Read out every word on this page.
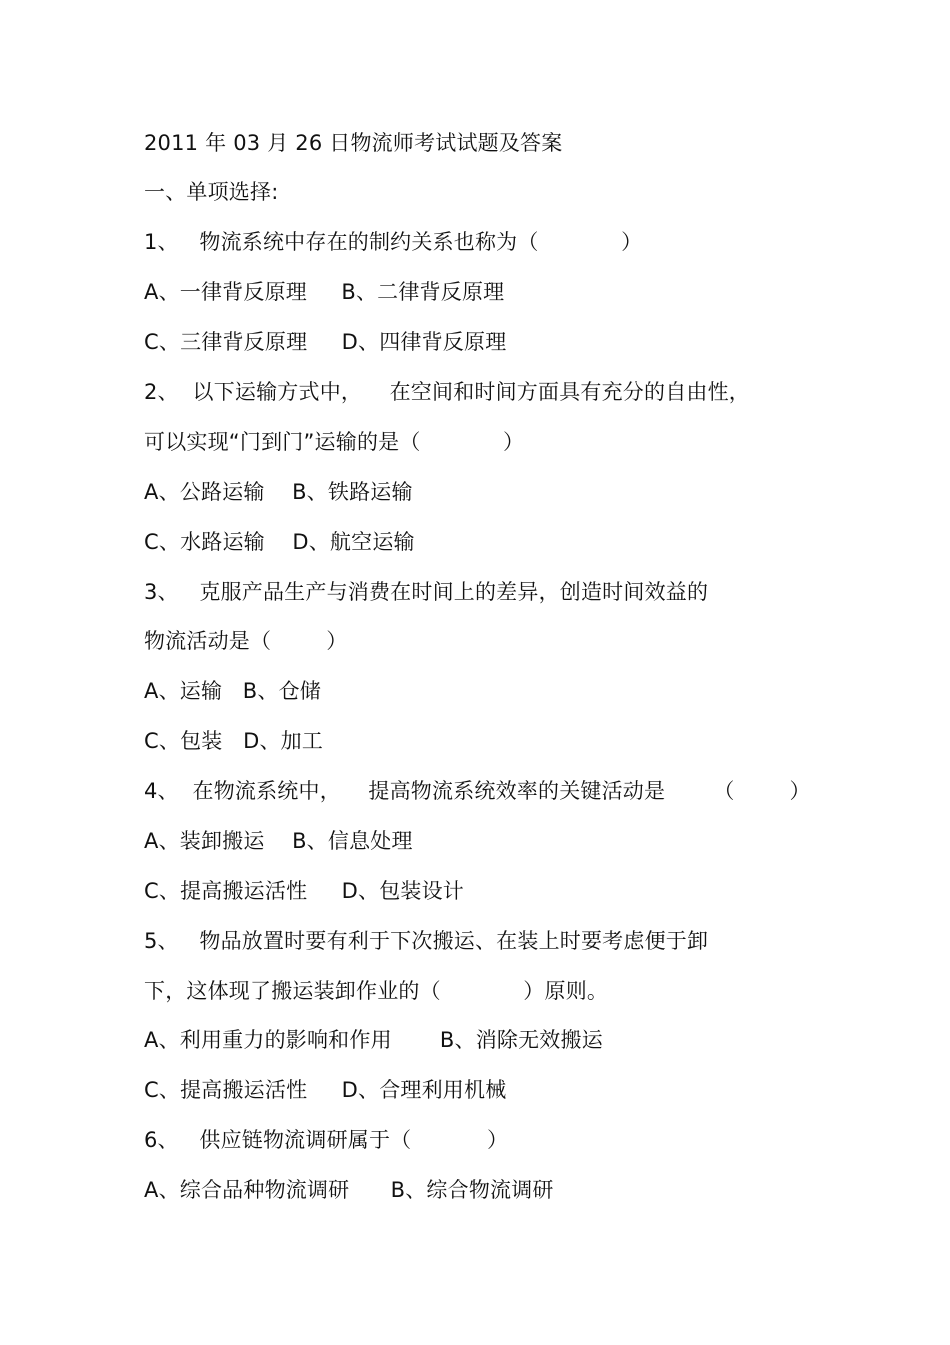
2011 年 03 月 26 日物流师考试试题及答案
一、单项选择:
1、   物流系统中存在的制约关系也称为（            ）
A、一律背反原理     B、二律背反原理
C、三律背反原理     D、四律背反原理
2、  以下运输方式中，    在空间和时间方面具有充分的自由性，
可以实现“门到门”运输的是（            ）
A、公路运输    B、铁路运输
C、水路运输    D、航空运输
3、   克服产品生产与消费在时间上的差异，创造时间效益的
物流活动是（        ）
A、运输   B、仓储
C、包装   D、加工
4、  在物流系统中，    提高物流系统效率的关键活动是       （        ）
A、装卸搬运    B、信息处理
C、提高搬运活性     D、包装设计
5、   物品放置时要有利于下次搬运、在装上时要考虑便于卸
下，这体现了搬运装卸作业的（            ）原则。
A、利用重力的影响和作用       B、消除无效搬运
C、提高搬运活性     D、合理利用机械
6、   供应链物流调研属于（           ）
A、综合品种物流调研      B、综合物流调研
